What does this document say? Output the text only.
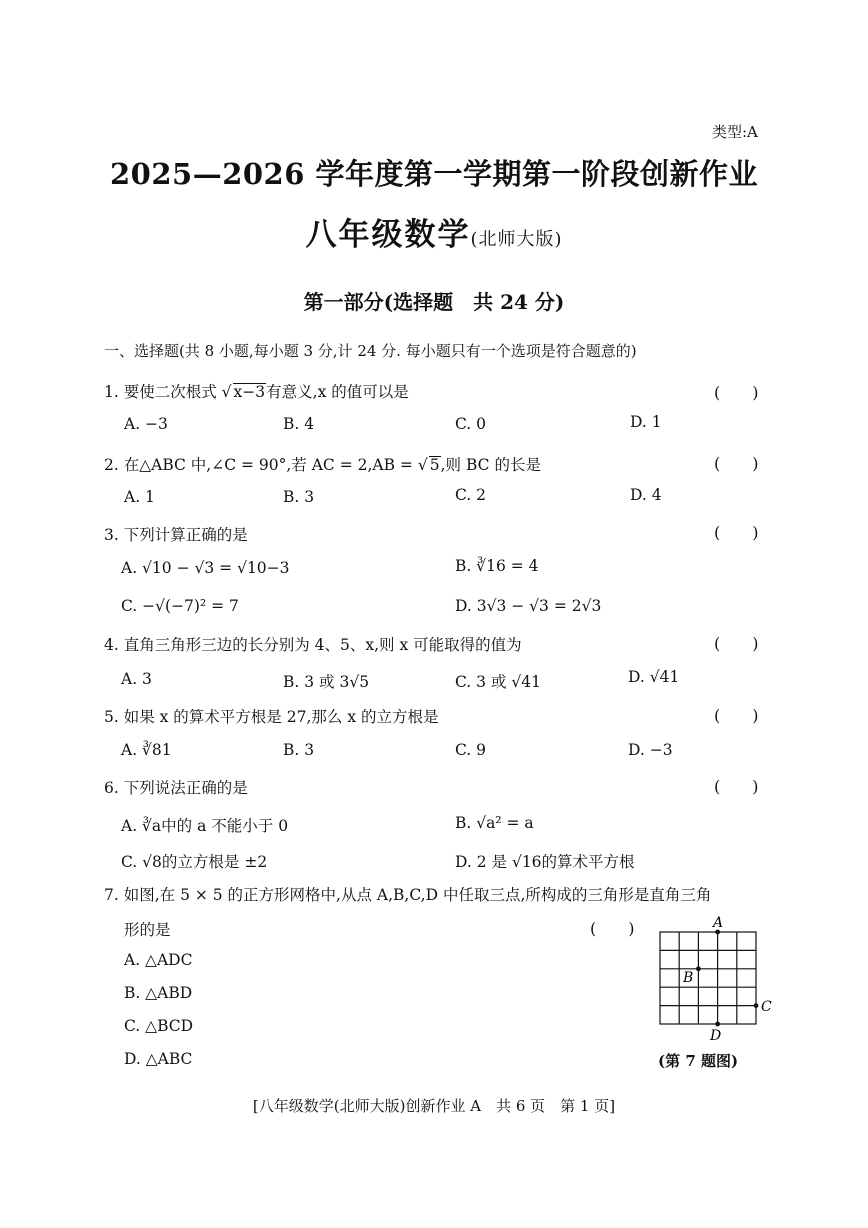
类型:A
2025—2026 学年度第一学期第一阶段创新作业
八年级数学(北师大版)
第一部分(选择题　共 24 分)
一、选择题(共 8 小题,每小题 3 分,计 24 分. 每小题只有一个选项是符合题意的)
1. 要使二次根式 √ x−3有意义,x 的值可以是	(　　)
A. −3	B. 4	C. 0	D. 1
2. 在△ABC 中,∠C = 90°,若 AC = 2,AB = √ 5,则 BC 的长是	(　　)
A. 1	B. 3	C. 2	D. 4
3. 下列计算正确的是	(　　)
A. √10 − √3 = √10−3	B. ∛16 = 4
C. −√(−7)² = 7	D. 3√3 − √3 = 2√3
4. 直角三角形三边的长分别为 4、5、x,则 x 可能取得的值为	(　　)
A. 3	B. 3 或 3√5	C. 3 或 √41	D. √41
5. 如果 x 的算术平方根是 27,那么 x 的立方根是	(　　)
A. ∛81	B. 3	C. 9	D. −3
6. 下列说法正确的是	(　　)
A. ∛a中的 a 不能小于 0	B. √a² = a
C. √8的立方根是 ±2	D. 2 是 √16的算术平方根
7. 如图,在 5 × 5 的正方形网格中,从点 A,B,C,D 中任取三点,所构成的三角形是直角三角
形的是	(　　)
A. △ADC
B. △ABD
C. △BCD
D. △ABC
A
B
C
D
(第 7 题图)
[八年级数学(北师大版)创新作业 A　共 6 页　第 1 页]
